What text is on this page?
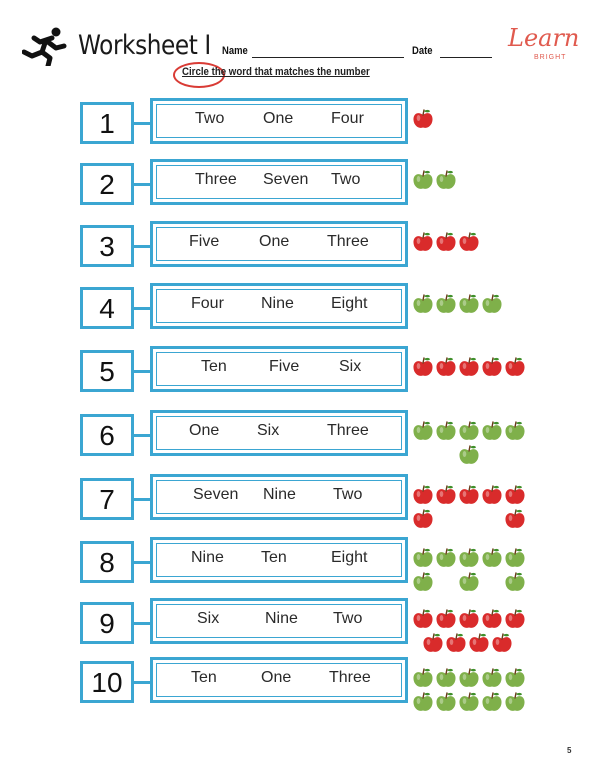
Worksheet I Name	Date	Learn
BRIGHT
Circle the word that matches the number
1	Two One Four
2	Three Seven Two
3	Five One Three
4	Four Nine Eight
5	Ten	Five Six
6	One Six	Three
7	Seven Nine Two
8	Nine Ten	Eight
9	Six	Nine Two
10	Ten	One Three
5
